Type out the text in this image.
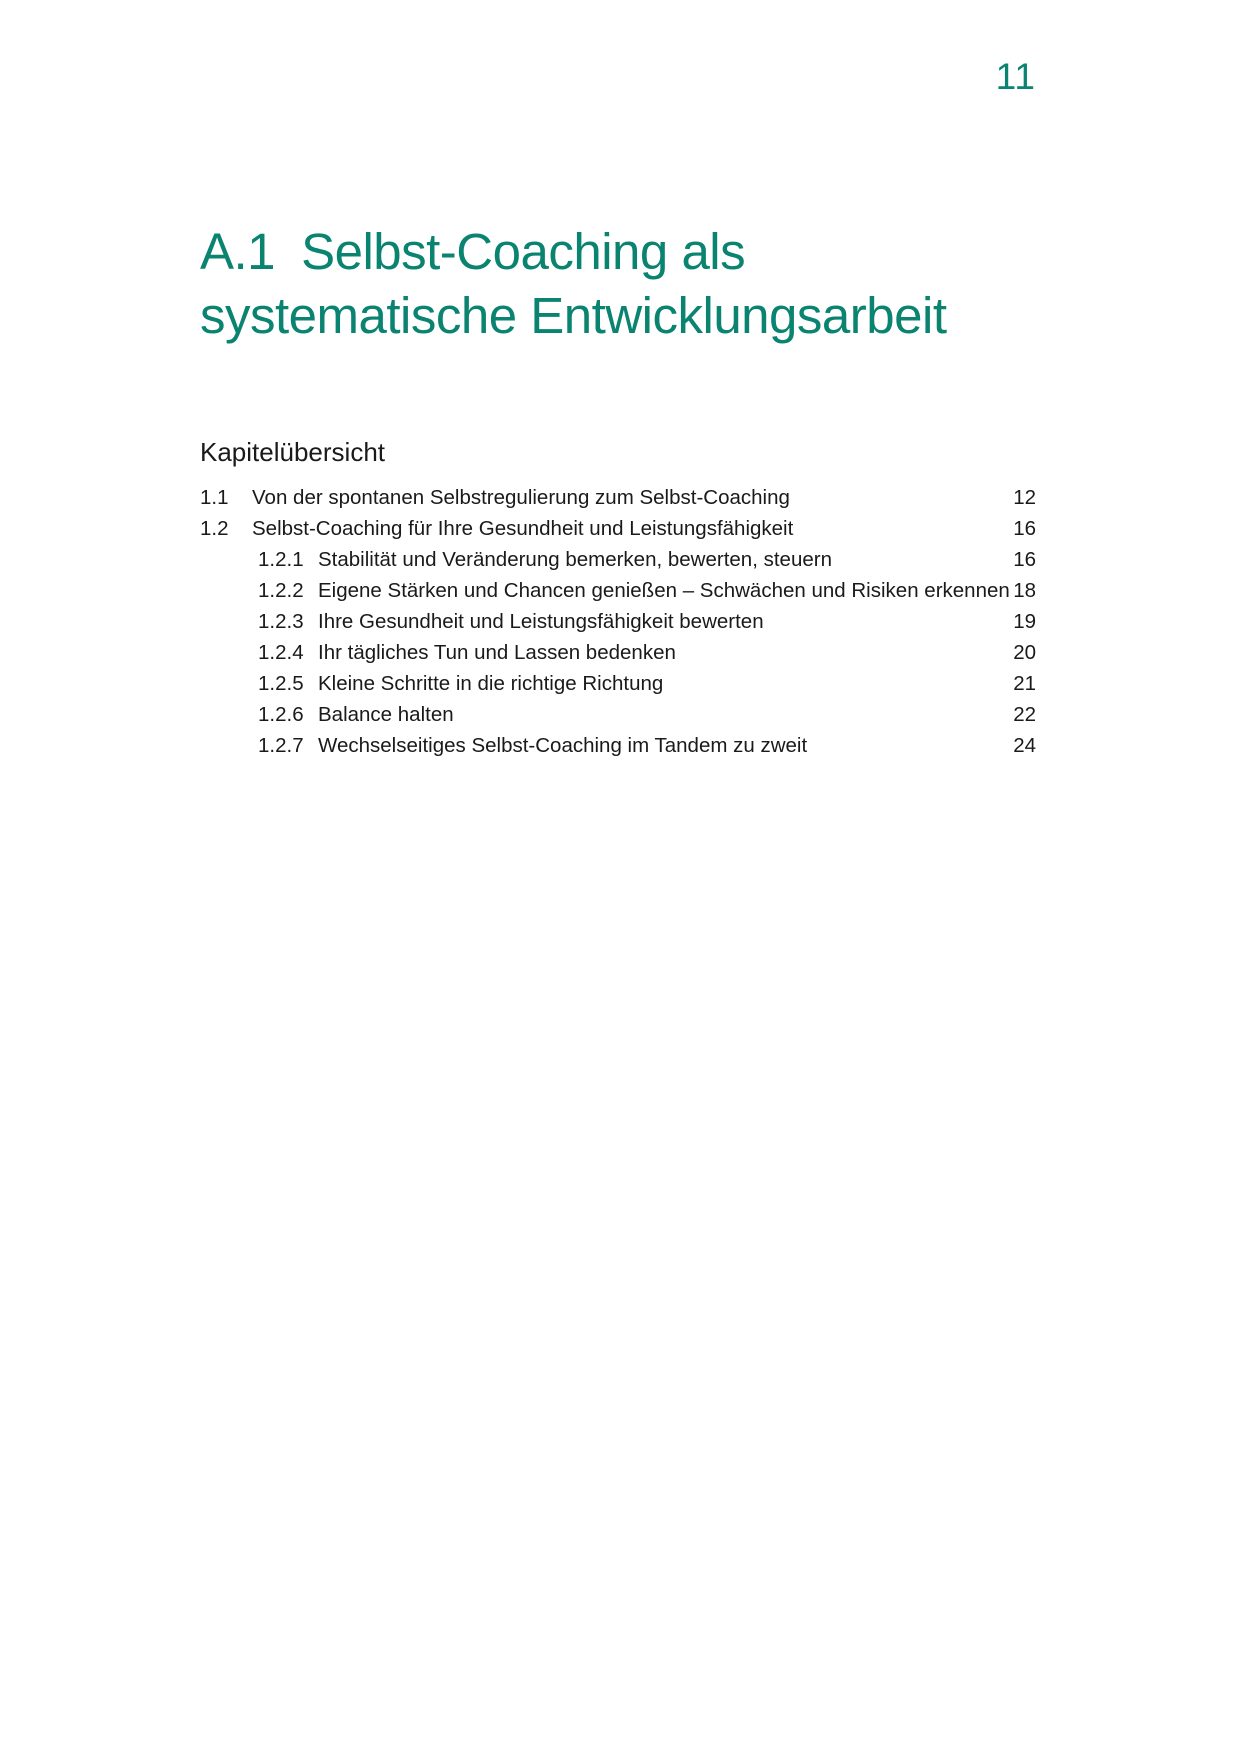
11
A.1 Selbst-Coaching als
systematische Entwicklungsarbeit
Kapitelübersicht
1.1 Von der spontanen Selbstregulierung zum Selbst-Coaching	12
1.2 Selbst-Coaching für Ihre Gesundheit und Leistungsfähigkeit	16
1.2.1 Stabilität und Veränderung bemerken, bewerten, steuern	16
1.2.2 Eigene Stärken und Chancen genießen – Schwächen und Risiken erkennen 18
1.2.3 Ihre Gesundheit und Leistungsfähigkeit bewerten	19
1.2.4 Ihr tägliches Tun und Lassen bedenken	20
1.2.5 Kleine Schritte in die richtige Richtung	21
1.2.6 Balance halten	22
1.2.7 Wechselseitiges Selbst-Coaching im Tandem zu zweit	24
